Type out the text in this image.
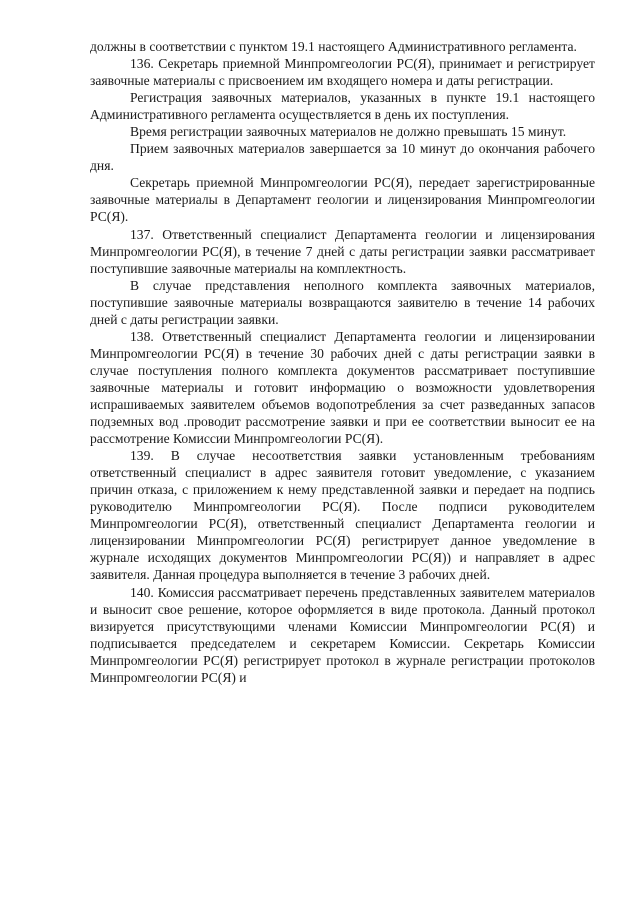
должны в соответствии с пунктом 19.1 настоящего Административного регламента.

136. Секретарь приемной Минпромгеологии РС(Я), принимает и регистрирует заявочные материалы с присвоением им входящего номера и даты регистрации.

Регистрация заявочных материалов, указанных в пункте 19.1 настоящего Административного регламента осуществляется в день их поступления.

Время регистрации заявочных материалов не должно превышать 15 минут.

Прием заявочных материалов завершается за 10 минут до окончания рабочего дня.

Секретарь приемной Минпромгеологии РС(Я), передает зарегистрированные заявочные материалы в Департамент геологии и лицензирования Минпромгеологии РС(Я).

137. Ответственный специалист Департамента геологии и лицензирования Минпромгеологии РС(Я), в течение 7 дней с даты регистрации заявки рассматривает поступившие заявочные материалы на комплектность.

В случае представления неполного комплекта заявочных материалов, поступившие заявочные материалы возвращаются заявителю в течение 14 рабочих дней с даты регистрации заявки.

138. Ответственный специалист Департамента геологии и лицензировании Минпромгеологии РС(Я) в течение 30 рабочих дней с даты регистрации заявки в случае поступления полного комплекта документов рассматривает поступившие заявочные материалы и готовит информацию о возможности удовлетворения испрашиваемых заявителем объемов водопотребления за счет разведанных запасов подземных вод .проводит рассмотрение заявки и при ее соответствии выносит ее на рассмотрение Комиссии Минпромгеологии РС(Я).

139. В случае несоответствия заявки установленным требованиям ответственный специалист в адрес заявителя готовит уведомление, с указанием причин отказа, с приложением к нему представленной заявки и передает на подпись руководителю Минпромгеологии РС(Я). После подписи руководителем Минпромгеологии РС(Я), ответственный специалист Департамента геологии и лицензировании Минпромгеологии РС(Я) регистрирует данное уведомление в журнале исходящих документов Минпромгеологии РС(Я)) и направляет в адрес заявителя. Данная процедура выполняется в течение 3 рабочих дней.

140. Комиссия рассматривает перечень представленных заявителем материалов и выносит свое решение, которое оформляется в виде протокола. Данный протокол визируется присутствующими членами Комиссии Минпромгеологии РС(Я) и подписывается председателем и секретарем Комиссии. Секретарь Комиссии Минпромгеологии РС(Я) регистрирует протокол в журнале регистрации протоколов Минпромгеологии РС(Я) и
